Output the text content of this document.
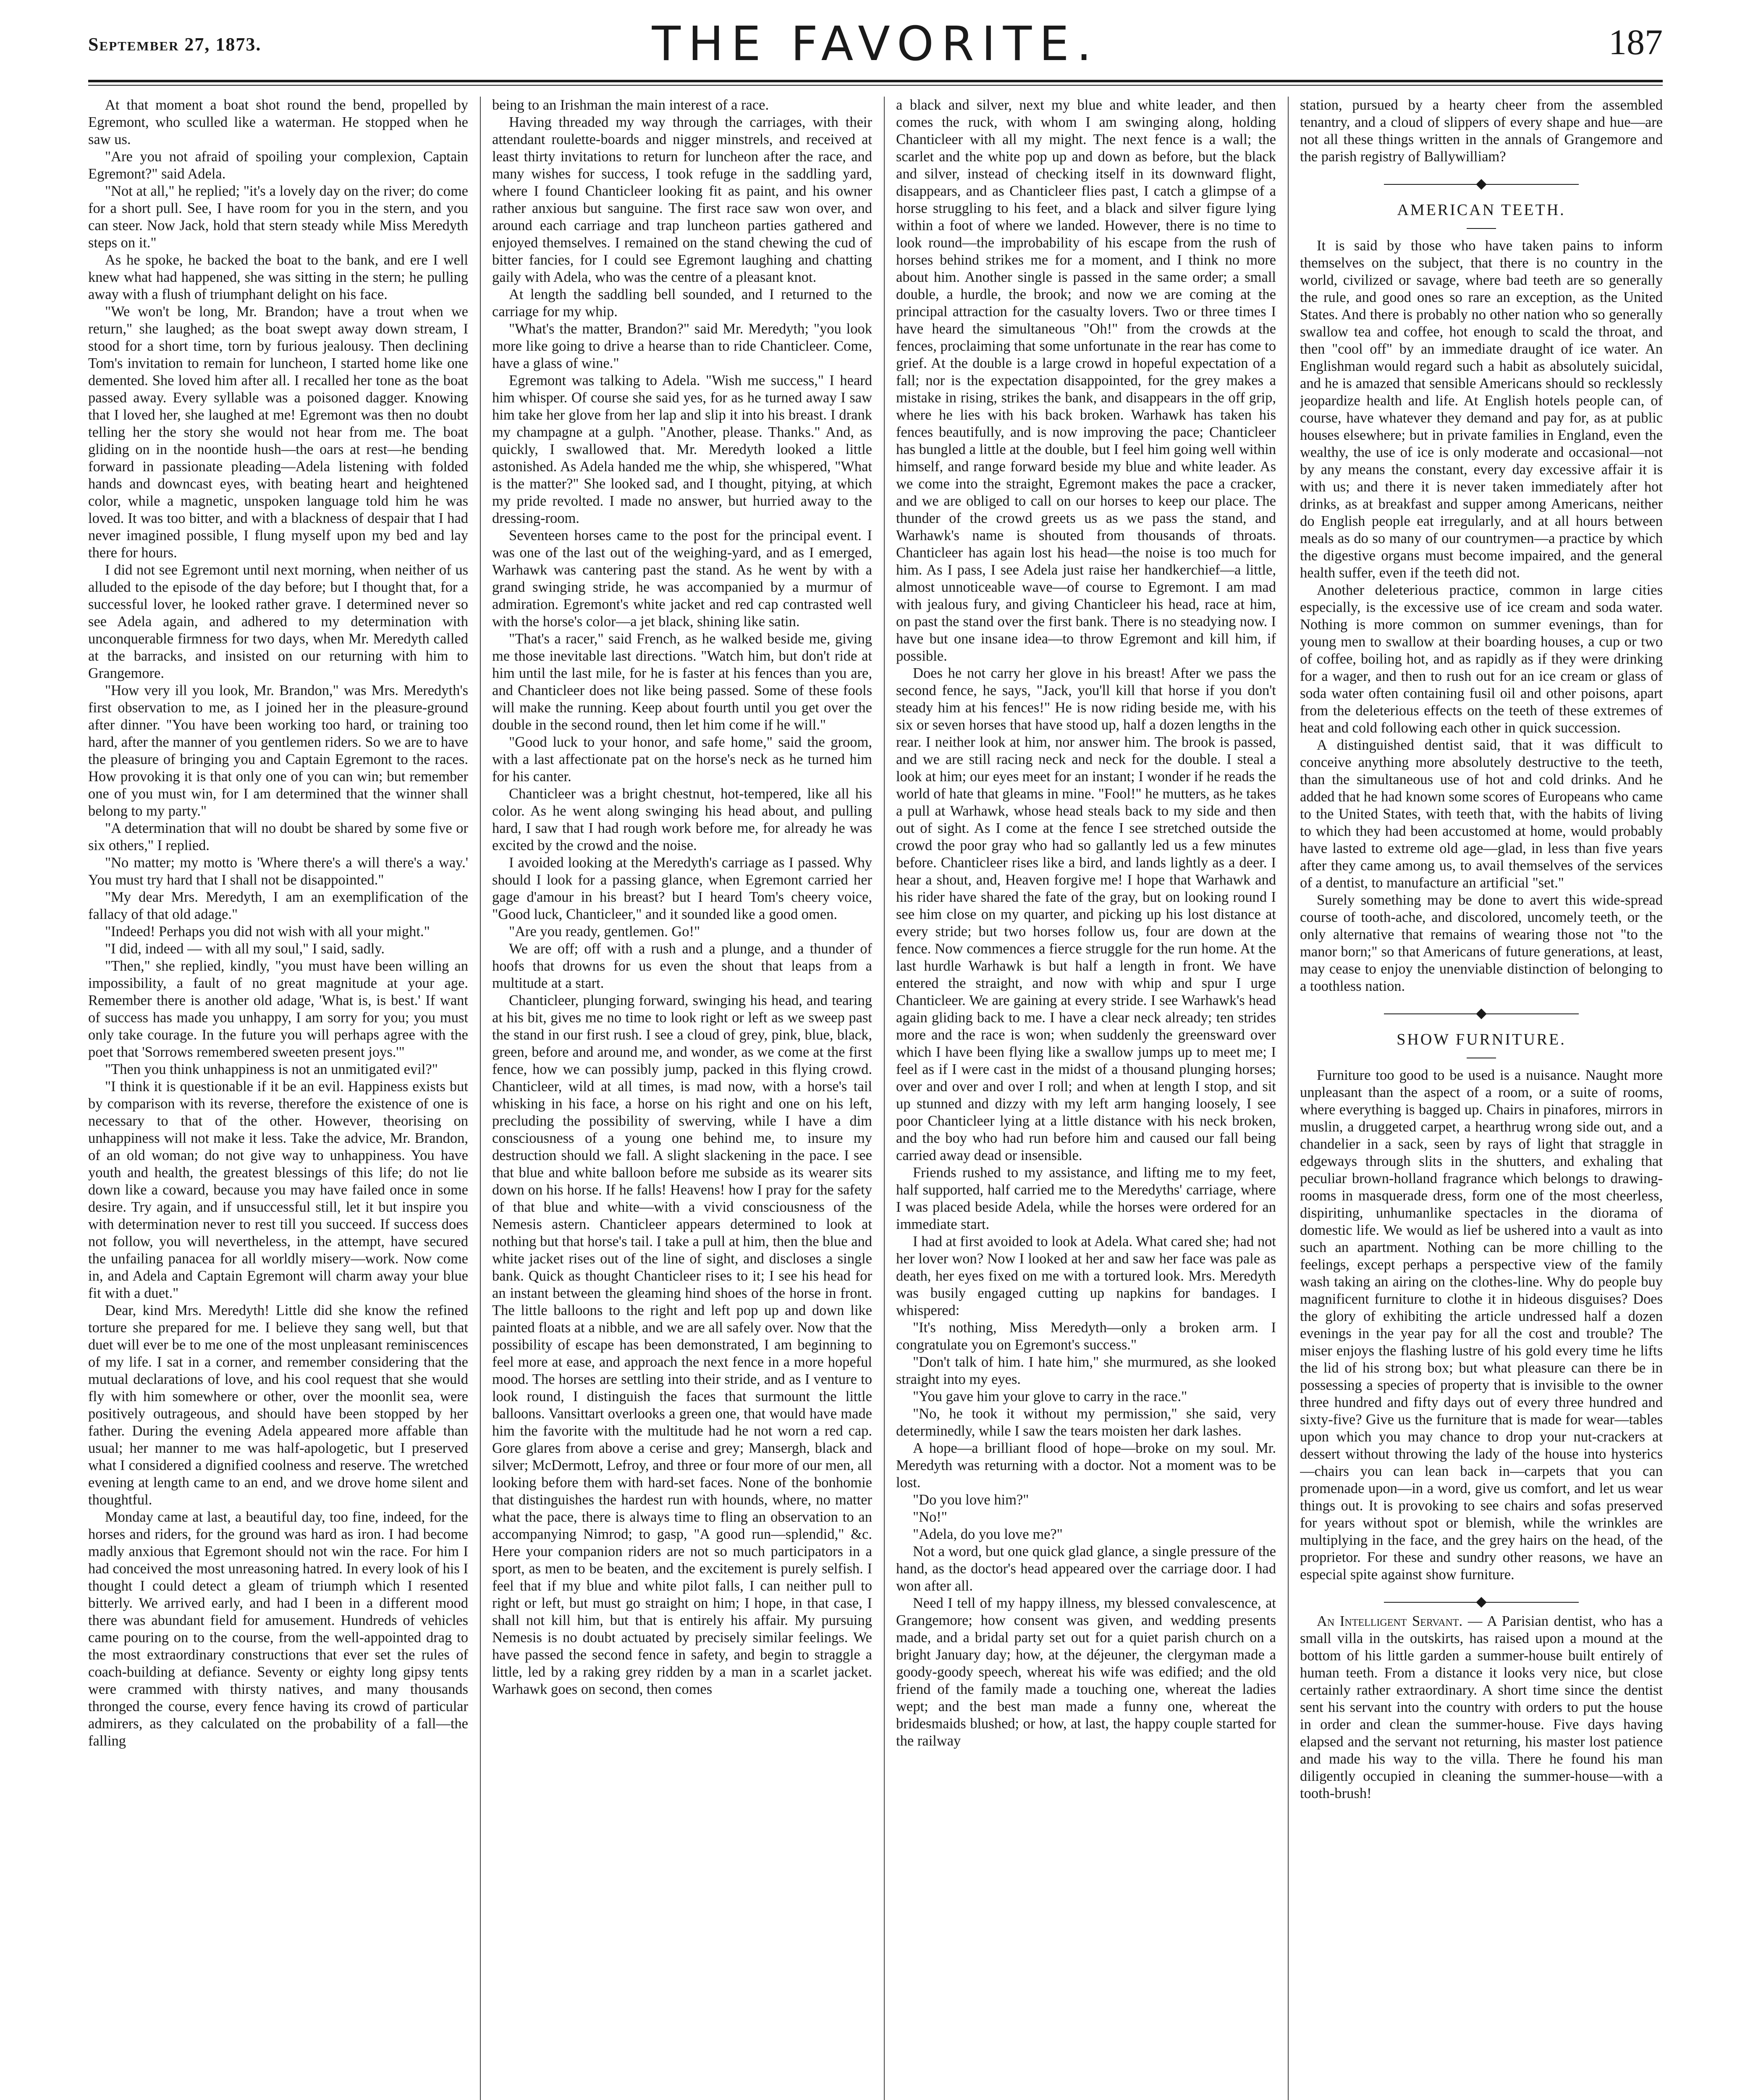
September 27, 1873.	THE FAVORITE.	187

At that moment a boat shot round the bend, propelled by Egremont, who sculled like a waterman. He stopped when he saw us.

"Are you not afraid of spoiling your complexion, Captain Egremont?" said Adela.

"Not at all," he replied; "it's a lovely day on the river; do come for a short pull. See, I have room for you in the stern, and you can steer. Now Jack, hold that stern steady while Miss Meredyth steps on it."

As he spoke, he backed the boat to the bank, and ere I well knew what had happened, she was sitting in the stern; he pulling away with a flush of triumphant delight on his face.

"We won't be long, Mr. Brandon; have a trout when we return," she laughed; as the boat swept away down stream, I stood for a short time, torn by furious jealousy. Then declining Tom's invitation to remain for luncheon, I started home like one demented. She loved him after all. I recalled her tone as the boat passed away. Every syllable was a poisoned dagger. Knowing that I loved her, she laughed at me! Egremont was then no doubt telling her the story she would not hear from me. The boat gliding on in the noontide hush—the oars at rest—he bending forward in passionate pleading—Adela listening with folded hands and downcast eyes, with beating heart and heightened color, while a magnetic, unspoken language told him he was loved. It was too bitter, and with a blackness of despair that I had never imagined possible, I flung myself upon my bed and lay there for hours.

I did not see Egremont until next morning, when neither of us alluded to the episode of the day before; but I thought that, for a successful lover, he looked rather grave. I determined never so see Adela again, and adhered to my determination with unconquerable firmness for two days, when Mr. Meredyth called at the barracks, and insisted on our returning with him to Grangemore.

"How very ill you look, Mr. Brandon," was Mrs. Meredyth's first observation to me, as I joined her in the pleasure-ground after dinner. "You have been working too hard, or training too hard, after the manner of you gentlemen riders. So we are to have the pleasure of bringing you and Captain Egremont to the races. How provoking it is that only one of you can win; but remember one of you must win, for I am determined that the winner shall belong to my party."

"A determination that will no doubt be shared by some five or six others," I replied.

"No matter; my motto is 'Where there's a will there's a way.' You must try hard that I shall not be disappointed."

"My dear Mrs. Meredyth, I am an exemplification of the fallacy of that old adage."

"Indeed! Perhaps you did not wish with all your might."

"I did, indeed — with all my soul," I said, sadly.

"Then," she replied, kindly, "you must have been willing an impossibility, a fault of no great magnitude at your age. Remember there is another old adage, 'What is, is best.' If want of success has made you unhappy, I am sorry for you; you must only take courage. In the future you will perhaps agree with the poet that 'Sorrows remembered sweeten present joys.'"

"Then you think unhappiness is not an unmitigated evil?"

"I think it is questionable if it be an evil. Happiness exists but by comparison with its reverse, therefore the existence of one is necessary to that of the other. However, theorising on unhappiness will not make it less. Take the advice, Mr. Brandon, of an old woman; do not give way to unhappiness. You have youth and health, the greatest blessings of this life; do not lie down like a coward, because you may have failed once in some desire. Try again, and if unsuccessful still, let it but inspire you with determination never to rest till you succeed. If success does not follow, you will nevertheless, in the attempt, have secured the unfailing panacea for all worldly misery—work. Now come in, and Adela and Captain Egremont will charm away your blue fit with a duet."

Dear, kind Mrs. Meredyth! Little did she know the refined torture she prepared for me. I believe they sang well, but that duet will ever be to me one of the most unpleasant reminiscences of my life. I sat in a corner, and remember considering that the mutual declarations of love, and his cool request that she would fly with him somewhere or other, over the moonlit sea, were positively outrageous, and should have been stopped by her father. During the evening Adela appeared more affable than usual; her manner to me was half-apologetic, but I preserved what I considered a dignified coolness and reserve. The wretched evening at length came to an end, and we drove home silent and thoughtful.

Monday came at last, a beautiful day, too fine, indeed, for the horses and riders, for the ground was hard as iron. I had become madly anxious that Egremont should not win the race. For him I had conceived the most unreasoning hatred. In every look of his I thought I could detect a gleam of triumph which I resented bitterly. We arrived early, and had I been in a different mood there was abundant field for amusement. Hundreds of vehicles came pouring on to the course, from the well-appointed drag to the most extraordinary constructions that ever set the rules of coach-building at defiance. Seventy or eighty long gipsy tents were crammed with thirsty natives, and many thousands thronged the course, every fence having its crowd of particular admirers, as they calculated on the probability of a fall—the falling

being to an Irishman the main interest of a race.

Having threaded my way through the carriages, with their attendant roulette-boards and nigger minstrels, and received at least thirty invitations to return for luncheon after the race, and many wishes for success, I took refuge in the saddling yard, where I found Chanticleer looking fit as paint, and his owner rather anxious but sanguine. The first race saw won over, and around each carriage and trap luncheon parties gathered and enjoyed themselves. I remained on the stand chewing the cud of bitter fancies, for I could see Egremont laughing and chatting gaily with Adela, who was the centre of a pleasant knot.

At length the saddling bell sounded, and I returned to the carriage for my whip.

"What's the matter, Brandon?" said Mr. Meredyth; "you look more like going to drive a hearse than to ride Chanticleer. Come, have a glass of wine."

Egremont was talking to Adela. "Wish me success," I heard him whisper. Of course she said yes, for as he turned away I saw him take her glove from her lap and slip it into his breast. I drank my champagne at a gulph. "Another, please. Thanks." And, as quickly, I swallowed that. Mr. Meredyth looked a little astonished. As Adela handed me the whip, she whispered, "What is the matter?" She looked sad, and I thought, pitying, at which my pride revolted. I made no answer, but hurried away to the dressing-room.

Seventeen horses came to the post for the principal event. I was one of the last out of the weighing-yard, and as I emerged, Warhawk was cantering past the stand. As he went by with a grand swinging stride, he was accompanied by a murmur of admiration. Egremont's white jacket and red cap contrasted well with the horse's color—a jet black, shining like satin.

"That's a racer," said French, as he walked beside me, giving me those inevitable last directions. "Watch him, but don't ride at him until the last mile, for he is faster at his fences than you are, and Chanticleer does not like being passed. Some of these fools will make the running. Keep about fourth until you get over the double in the second round, then let him come if he will."

"Good luck to your honor, and safe home," said the groom, with a last affectionate pat on the horse's neck as he turned him for his canter.

Chanticleer was a bright chestnut, hot-tempered, like all his color. As he went along swinging his head about, and pulling hard, I saw that I had rough work before me, for already he was excited by the crowd and the noise.

I avoided looking at the Meredyth's carriage as I passed. Why should I look for a passing glance, when Egremont carried her gage d'amour in his breast? but I heard Tom's cheery voice, "Good luck, Chanticleer," and it sounded like a good omen.

"Are you ready, gentlemen. Go!"

We are off; off with a rush and a plunge, and a thunder of hoofs that drowns for us even the shout that leaps from a multitude at a start.

Chanticleer, plunging forward, swinging his head, and tearing at his bit, gives me no time to look right or left as we sweep past the stand in our first rush. I see a cloud of grey, pink, blue, black, green, before and around me, and wonder, as we come at the first fence, how we can possibly jump, packed in this flying crowd. Chanticleer, wild at all times, is mad now, with a horse's tail whisking in his face, a horse on his right and one on his left, precluding the possibility of swerving, while I have a dim consciousness of a young one behind me, to insure my destruction should we fall. A slight slackening in the pace. I see that blue and white balloon before me subside as its wearer sits down on his horse. If he falls! Heavens! how I pray for the safety of that blue and white—with a vivid consciousness of the Nemesis astern. Chanticleer appears determined to look at nothing but that horse's tail. I take a pull at him, then the blue and white jacket rises out of the line of sight, and discloses a single bank. Quick as thought Chanticleer rises to it; I see his head for an instant between the gleaming hind shoes of the horse in front. The little balloons to the right and left pop up and down like painted floats at a nibble, and we are all safely over. Now that the possibility of escape has been demonstrated, I am beginning to feel more at ease, and approach the next fence in a more hopeful mood. The horses are settling into their stride, and as I venture to look round, I distinguish the faces that surmount the little balloons. Vansittart overlooks a green one, that would have made him the favorite with the multitude had he not worn a red cap. Gore glares from above a cerise and grey; Mansergh, black and silver; McDermott, Lefroy, and three or four more of our men, all looking before them with hard-set faces. None of the bonhomie that distinguishes the hardest run with hounds, where, no matter what the pace, there is always time to fling an observation to an accompanying Nimrod; to gasp, "A good run—splendid," &c. Here your companion riders are not so much participators in a sport, as men to be beaten, and the excitement is purely selfish. I feel that if my blue and white pilot falls, I can neither pull to right or left, but must go straight on him; I hope, in that case, I shall not kill him, but that is entirely his affair. My pursuing Nemesis is no doubt actuated by precisely similar feelings. We have passed the second fence in safety, and begin to straggle a little, led by a raking grey ridden by a man in a scarlet jacket. Warhawk goes on second, then comes

a black and silver, next my blue and white leader, and then comes the ruck, with whom I am swinging along, holding Chanticleer with all my might. The next fence is a wall; the scarlet and the white pop up and down as before, but the black and silver, instead of checking itself in its downward flight, disappears, and as Chanticleer flies past, I catch a glimpse of a horse struggling to his feet, and a black and silver figure lying within a foot of where we landed. However, there is no time to look round—the improbability of his escape from the rush of horses behind strikes me for a moment, and I think no more about him. Another single is passed in the same order; a small double, a hurdle, the brook; and now we are coming at the principal attraction for the casualty lovers. Two or three times I have heard the simultaneous "Oh!" from the crowds at the fences, proclaiming that some unfortunate in the rear has come to grief. At the double is a large crowd in hopeful expectation of a fall; nor is the expectation disappointed, for the grey makes a mistake in rising, strikes the bank, and disappears in the off grip, where he lies with his back broken. Warhawk has taken his fences beautifully, and is now improving the pace; Chanticleer has bungled a little at the double, but I feel him going well within himself, and range forward beside my blue and white leader. As we come into the straight, Egremont makes the pace a cracker, and we are obliged to call on our horses to keep our place. The thunder of the crowd greets us as we pass the stand, and Warhawk's name is shouted from thousands of throats. Chanticleer has again lost his head—the noise is too much for him. As I pass, I see Adela just raise her handkerchief—a little, almost unnoticeable wave—of course to Egremont. I am mad with jealous fury, and giving Chanticleer his head, race at him, on past the stand over the first bank. There is no steadying now. I have but one insane idea—to throw Egremont and kill him, if possible.

Does he not carry her glove in his breast! After we pass the second fence, he says, "Jack, you'll kill that horse if you don't steady him at his fences!" He is now riding beside me, with his six or seven horses that have stood up, half a dozen lengths in the rear. I neither look at him, nor answer him. The brook is passed, and we are still racing neck and neck for the double. I steal a look at him; our eyes meet for an instant; I wonder if he reads the world of hate that gleams in mine. "Fool!" he mutters, as he takes a pull at Warhawk, whose head steals back to my side and then out of sight. As I come at the fence I see stretched outside the crowd the poor gray who had so gallantly led us a few minutes before. Chanticleer rises like a bird, and lands lightly as a deer. I hear a shout, and, Heaven forgive me! I hope that Warhawk and his rider have shared the fate of the gray, but on looking round I see him close on my quarter, and picking up his lost distance at every stride; but two horses follow us, four are down at the fence. Now commences a fierce struggle for the run home. At the last hurdle Warhawk is but half a length in front. We have entered the straight, and now with whip and spur I urge Chanticleer. We are gaining at every stride. I see Warhawk's head again gliding back to me. I have a clear neck already; ten strides more and the race is won; when suddenly the greensward over which I have been flying like a swallow jumps up to meet me; I feel as if I were cast in the midst of a thousand plunging horses; over and over and over I roll; and when at length I stop, and sit up stunned and dizzy with my left arm hanging loosely, I see poor Chanticleer lying at a little distance with his neck broken, and the boy who had run before him and caused our fall being carried away dead or insensible.

Friends rushed to my assistance, and lifting me to my feet, half supported, half carried me to the Meredyths' carriage, where I was placed beside Adela, while the horses were ordered for an immediate start.

I had at first avoided to look at Adela. What cared she; had not her lover won? Now I looked at her and saw her face was pale as death, her eyes fixed on me with a tortured look. Mrs. Meredyth was busily engaged cutting up napkins for bandages. I whispered:

"It's nothing, Miss Meredyth—only a broken arm. I congratulate you on Egremont's success."

"Don't talk of him. I hate him," she murmured, as she looked straight into my eyes.

"You gave him your glove to carry in the race."

"No, he took it without my permission," she said, very determinedly, while I saw the tears moisten her dark lashes.

A hope—a brilliant flood of hope—broke on my soul. Mr. Meredyth was returning with a doctor. Not a moment was to be lost.

"Do you love him?"

"No!"

"Adela, do you love me?"

Not a word, but one quick glad glance, a single pressure of the hand, as the doctor's head appeared over the carriage door. I had won after all.

Need I tell of my happy illness, my blessed convalescence, at Grangemore; how consent was given, and wedding presents made, and a bridal party set out for a quiet parish church on a bright January day; how, at the déjeuner, the clergyman made a goody-goody speech, whereat his wife was edified; and the old friend of the family made a touching one, whereat the ladies wept; and the best man made a funny one, whereat the bridesmaids blushed; or how, at last, the happy couple started for the railway

station, pursued by a hearty cheer from the assembled tenantry, and a cloud of slippers of every shape and hue—are not all these things written in the annals of Grangemore and the parish registry of Ballywilliam?

AMERICAN TEETH.

It is said by those who have taken pains to inform themselves on the subject, that there is no country in the world, civilized or savage, where bad teeth are so generally the rule, and good ones so rare an exception, as the United States. And there is probably no other nation who so generally swallow tea and coffee, hot enough to scald the throat, and then "cool off" by an immediate draught of ice water. An Englishman would regard such a habit as absolutely suicidal, and he is amazed that sensible Americans should so recklessly jeopardize health and life. At English hotels people can, of course, have whatever they demand and pay for, as at public houses elsewhere; but in private families in England, even the wealthy, the use of ice is only moderate and occasional—not by any means the constant, every day excessive affair it is with us; and there it is never taken immediately after hot drinks, as at breakfast and supper among Americans, neither do English people eat irregularly, and at all hours between meals as do so many of our countrymen—a practice by which the digestive organs must become impaired, and the general health suffer, even if the teeth did not.

Another deleterious practice, common in large cities especially, is the excessive use of ice cream and soda water. Nothing is more common on summer evenings, than for young men to swallow at their boarding houses, a cup or two of coffee, boiling hot, and as rapidly as if they were drinking for a wager, and then to rush out for an ice cream or glass of soda water often containing fusil oil and other poisons, apart from the deleterious effects on the teeth of these extremes of heat and cold following each other in quick succession.

A distinguished dentist said, that it was difficult to conceive anything more absolutely destructive to the teeth, than the simultaneous use of hot and cold drinks. And he added that he had known some scores of Europeans who came to the United States, with teeth that, with the habits of living to which they had been accustomed at home, would probably have lasted to extreme old age—glad, in less than five years after they came among us, to avail themselves of the services of a dentist, to manufacture an artificial "set."

Surely something may be done to avert this wide-spread course of tooth-ache, and discolored, uncomely teeth, or the only alternative that remains of wearing those not "to the manor born;" so that Americans of future generations, at least, may cease to enjoy the unenviable distinction of belonging to a toothless nation.

SHOW FURNITURE.

Furniture too good to be used is a nuisance. Naught more unpleasant than the aspect of a room, or a suite of rooms, where everything is bagged up. Chairs in pinafores, mirrors in muslin, a druggeted carpet, a hearthrug wrong side out, and a chandelier in a sack, seen by rays of light that straggle in edgeways through slits in the shutters, and exhaling that peculiar brown-holland fragrance which belongs to drawing-rooms in masquerade dress, form one of the most cheerless, dispiriting, unhumanlike spectacles in the diorama of domestic life. We would as lief be ushered into a vault as into such an apartment. Nothing can be more chilling to the feelings, except perhaps a perspective view of the family wash taking an airing on the clothes-line. Why do people buy magnificent furniture to clothe it in hideous disguises? Does the glory of exhibiting the article undressed half a dozen evenings in the year pay for all the cost and trouble? The miser enjoys the flashing lustre of his gold every time he lifts the lid of his strong box; but what pleasure can there be in possessing a species of property that is invisible to the owner three hundred and fifty days out of every three hundred and sixty-five? Give us the furniture that is made for wear—tables upon which you may chance to drop your nut-crackers at dessert without throwing the lady of the house into hysterics—chairs you can lean back in—carpets that you can promenade upon—in a word, give us comfort, and let us wear things out. It is provoking to see chairs and sofas preserved for years without spot or blemish, while the wrinkles are multiplying in the face, and the grey hairs on the head, of the proprietor. For these and sundry other reasons, we have an especial spite against show furniture.

An Intelligent Servant. — A Parisian dentist, who has a small villa in the outskirts, has raised upon a mound at the bottom of his little garden a summer-house built entirely of human teeth. From a distance it looks very nice, but close certainly rather extraordinary. A short time since the dentist sent his servant into the country with orders to put the house in order and clean the summer-house. Five days having elapsed and the servant not returning, his master lost patience and made his way to the villa. There he found his man diligently occupied in cleaning the summer-house—with a tooth-brush!
